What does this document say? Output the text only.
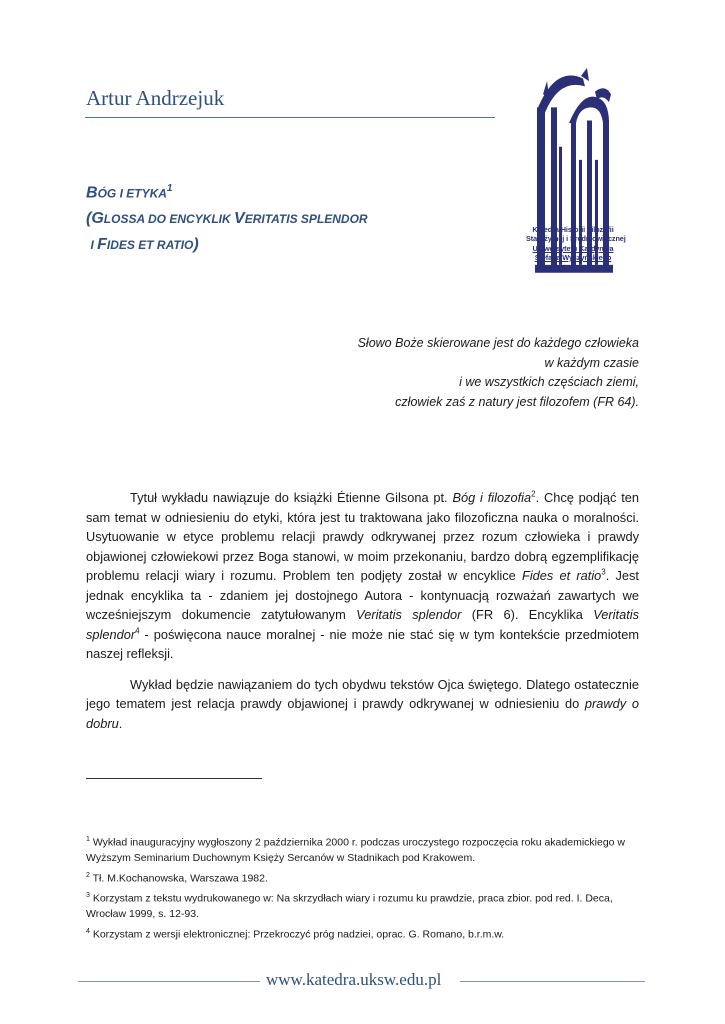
Artur Andrzejuk
Katedra Historii Filozofii
Starożytnej i Średniowiecznej
Uniwersytetu Kardynała
Stefana Wyszyńskiego
BÓG I ETYKA$^1$
(GLOSSA DO ENCYKLIK VERITATIS SPLENDOR
I FIDES ET RATIO)
Słowo Boże skierowane jest do każdego człowieka
w każdym czasie
i we wszystkich częściach ziemi,
człowiek zaś z natury jest filozofem (FR 64).

Tytuł wykładu nawiązuje do książki Étienne Gilsona pt. Bóg i filozofia$^2$. Chcę podjąć ten sam temat w odniesieniu do etyki, która jest tu traktowana jako filozoficzna nauka o moralności. Usytuowanie w etyce problemu relacji prawdy odkrywanej przez rozum człowieka i prawdy objawionej człowiekowi przez Boga stanowi, w moim przekonaniu, bardzo dobrą egzemplifikację problemu relacji wiary i rozumu. Problem ten podjęty został w encyklice Fides et ratio$^3$. Jest jednak encyklika ta - zdaniem jej dostojnego Autora - kontynuacją rozważań zawartych we wcześniejszym dokumencie zatytułowanym Veritatis splendor (FR 6). Encyklika Veritatis splendor$^4$ - poświęcona nauce moralnej - nie może nie stać się w tym kontekście przedmiotem naszej refleksji.

Wykład będzie nawiązaniem do tych obydwu tekstów Ojca świętego. Dlatego ostatecznie jego tematem jest relacja prawdy objawionej i prawdy odkrywanej w odniesieniu do prawdy o dobru.

$^1$ Wykład inauguracyjny wygłoszony 2 października 2000 r. podczas uroczystego rozpoczęcia roku akademickiego w Wyższym Seminarium Duchownym Księży Sercanów w Stadnikach pod Krakowem.

$^2$ Tł. M.Kochanowska, Warszawa 1982.

$^3$ Korzystam z tekstu wydrukowanego w: Na skrzydłach wiary i rozumu ku prawdzie, praca zbior. pod red. I. Deca, Wrocław 1999, s. 12-93.

$^4$ Korzystam z wersji elektronicznej: Przekroczyć próg nadziei, oprac. G. Romano, b.r.m.w.

www.katedra.uksw.edu.pl
